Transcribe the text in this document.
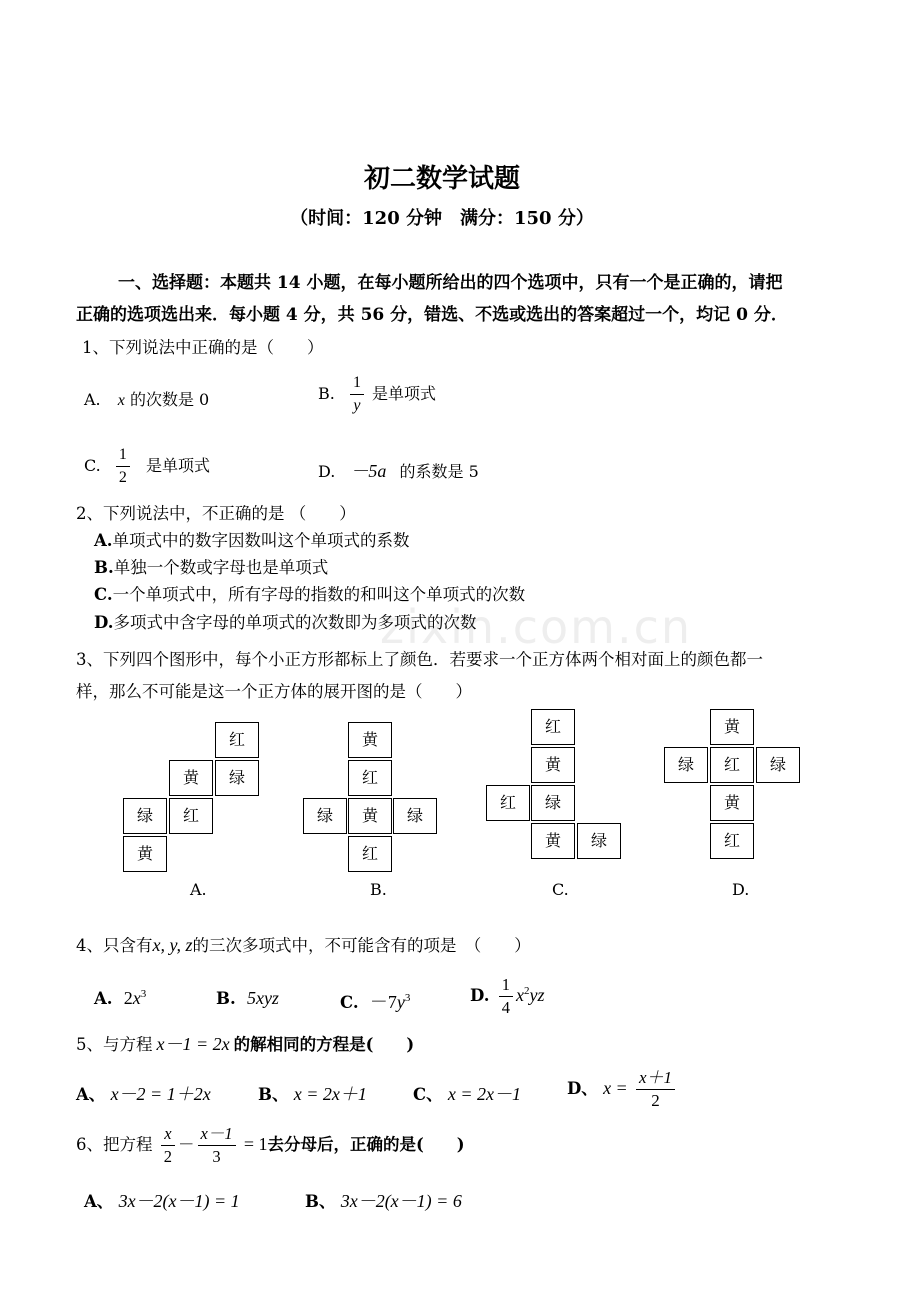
初二数学试题
（时间：120 分钟　满分：150 分）
一、选择题：本题共 14 小题，在每小题所给出的四个选项中，只有一个是正确的，请把
正确的选项选出来．每小题 4 分，共 56 分，错选、不选或选出的答案超过一个，均记 0 分．
1、下列说法中正确的是（　　）
A. x 的次数是 0	B. $\frac{1}{y}$ 是单项式
C. $\frac{1}{2}$ 是单项式	D. －5a 的系数是 5
2、下列说法中，不正确的是 （　　）
A.单项式中的数字因数叫这个单项式的系数
B.单独一个数或字母也是单项式
C.一个单项式中，所有字母的指数的和叫这个单项式的次数
D.多项式中含字母的单项式的次数即为多项式的次数
zixin.com.cn
3、下列四个图形中，每个小正方形都标上了颜色．若要求一个正方体两个相对面上的颜色都一
样，那么不可能是这一个正方体的展开图的是（　　）
红
黄	绿
绿	红
黄
A.
黄
红
绿	黄	绿
红
B.
红
黄
红	绿
黄	绿
C.
黄
绿	红	绿
黄
红
D.
4、只含有x, y, z的三次多项式中，不可能含有的项是　（　　）
A. $2x^3$	B. 5xyz	C. $-7y^3$	D. $\frac{1}{4} x^2yz$
5、与方程 x－1 = 2x 的解相同的方程是(　　)
A、 x－2 = 1＋2x	B、 x = 2x＋1	C、 x = 2x－1	D、 $x = \frac{x+1}{2}$
6、把方程 $\frac{x}{2} - \frac{x-1}{3} = 1$去分母后，正确的是(　　)
A、 3x－2(x－1) = 1	B、 3x－2(x－1) = 6
